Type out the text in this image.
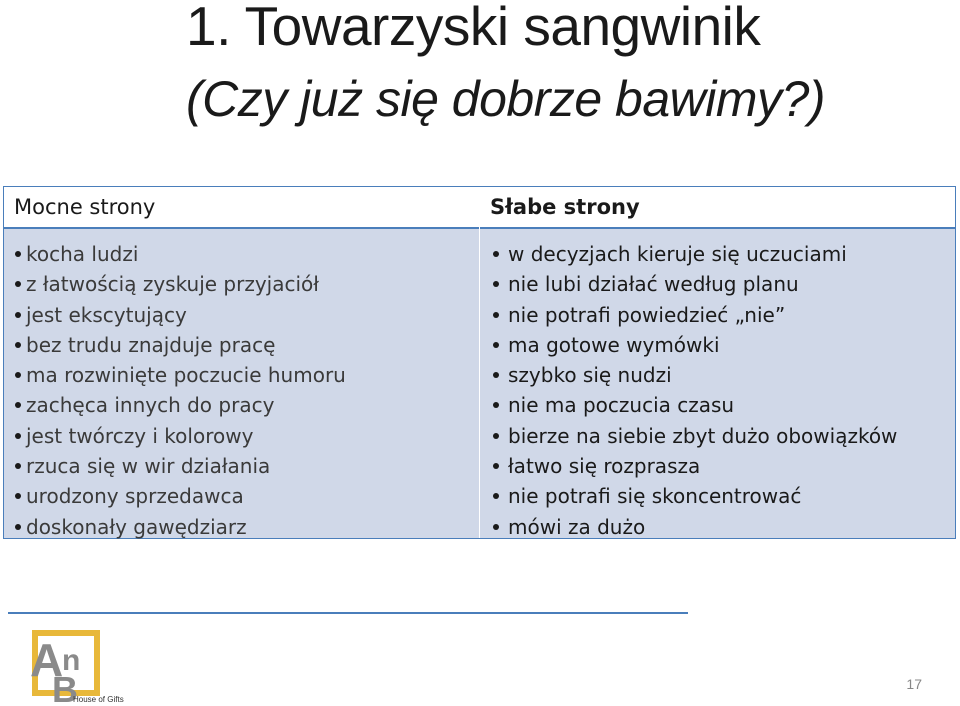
1. Towarzyski sangwinik
(Czy już się dobrze bawimy?)
Mocne strony
kocha ludzi
z łatwością zyskuje przyjaciół
jest ekscytujący
bez trudu znajduje pracę
ma rozwinięte poczucie humoru
zachęca innych do pracy
jest twórczy i kolorowy
rzuca się w wir działania
urodzony sprzedawca
doskonały gawędziarz
Słabe strony
w decyzjach kieruje się uczuciami
nie lubi działać według planu
nie potrafi powiedzieć „nie”
ma gotowe wymówki
szybko się nudzi
nie ma poczucia czasu
bierze na siebie zbyt dużo obowiązków
łatwo się rozprasza
nie potrafi się skoncentrować
mówi za dużo
A
n
B
House of Gifts
17
